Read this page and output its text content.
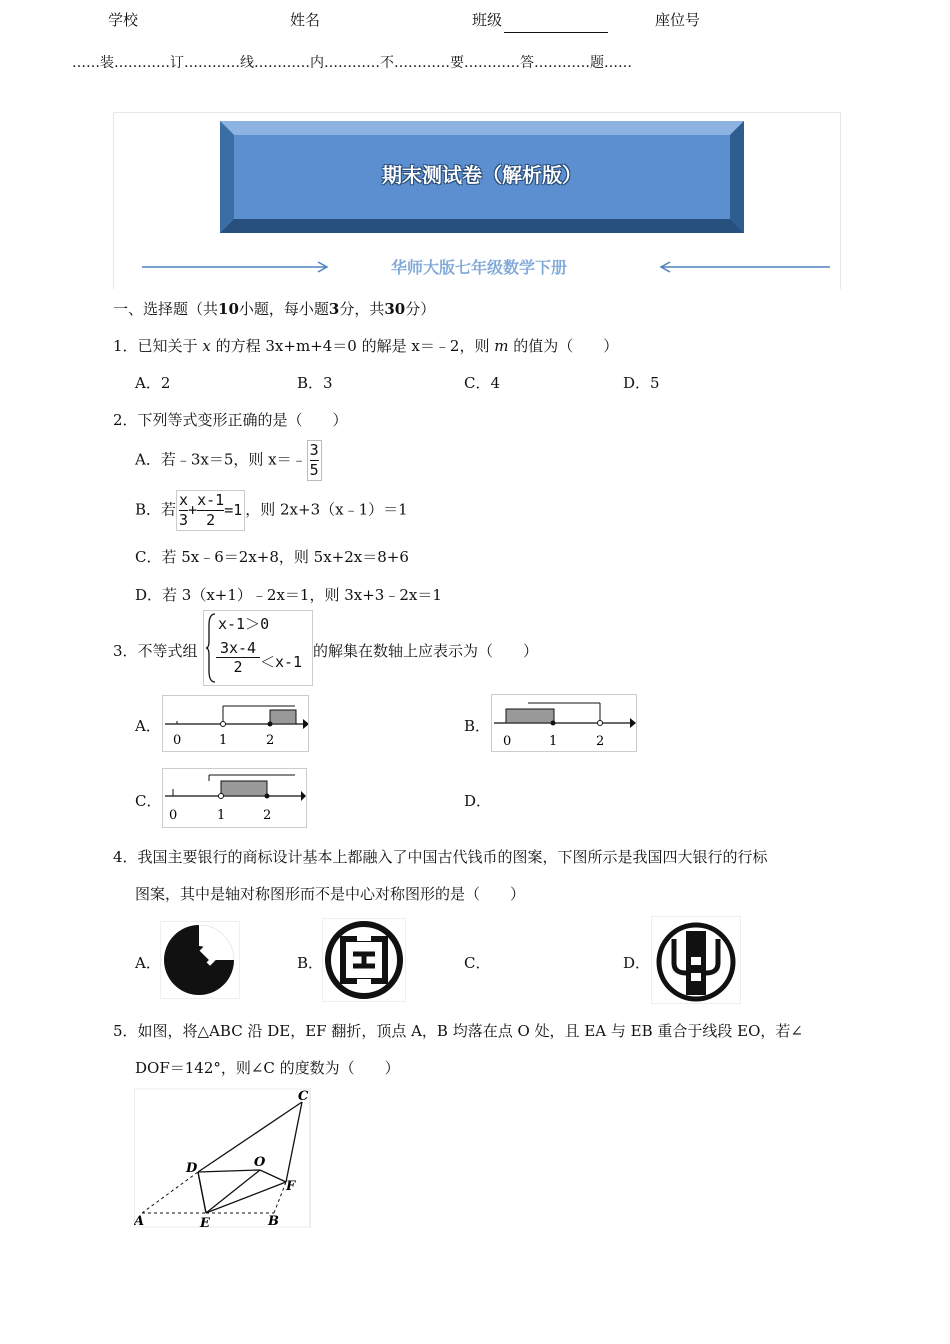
学校	姓名	班级	座位号
……装…………订…………线…………内…………不…………要…………答…………题……
期末测试卷（解析版）
华师大版七年级数学下册
一、选择题（共10小题，每小题3分，共30分）
1．已知关于 x 的方程 3x+m+4＝0 的解是 x＝﹣2，则 m 的值为（　　）
A．2	B．3	C．4	D．5
2．下列等式变形正确的是（　　）
A．若﹣3x＝5，则 x＝﹣ $\frac{3}{5}$
B．若 $\frac{x}{3} + \frac{x-1}{2} =1$ ，则 2x+3（x﹣1）＝1
C．若 5x﹣6＝2x+8，则 5x+2x＝8+6
D．若 3（x+1）﹣2x＝1，则 3x+3﹣2x＝1
3．不等式组
x-1＞0
$\frac{3x-4}{2} <x-1$
的解集在数轴上应表示为（　　）
A．
0	1	2
B．
0	1	2
C．
0	1	2
D．
4．我国主要银行的商标设计基本上都融入了中国古代钱币的图案，下图所示是我国四大银行的行标
图案，其中是轴对称图形而不是中心对称图形的是（　　）
A．	B．	C．	D．
5．如图，将△ABC 沿 DE，EF 翻折，顶点 A，B 均落在点 O 处，且 EA 与 EB 重合于线段 EO，若∠
DOF＝142°，则∠C 的度数为（　　）
A	B
C
D
E
F
O
